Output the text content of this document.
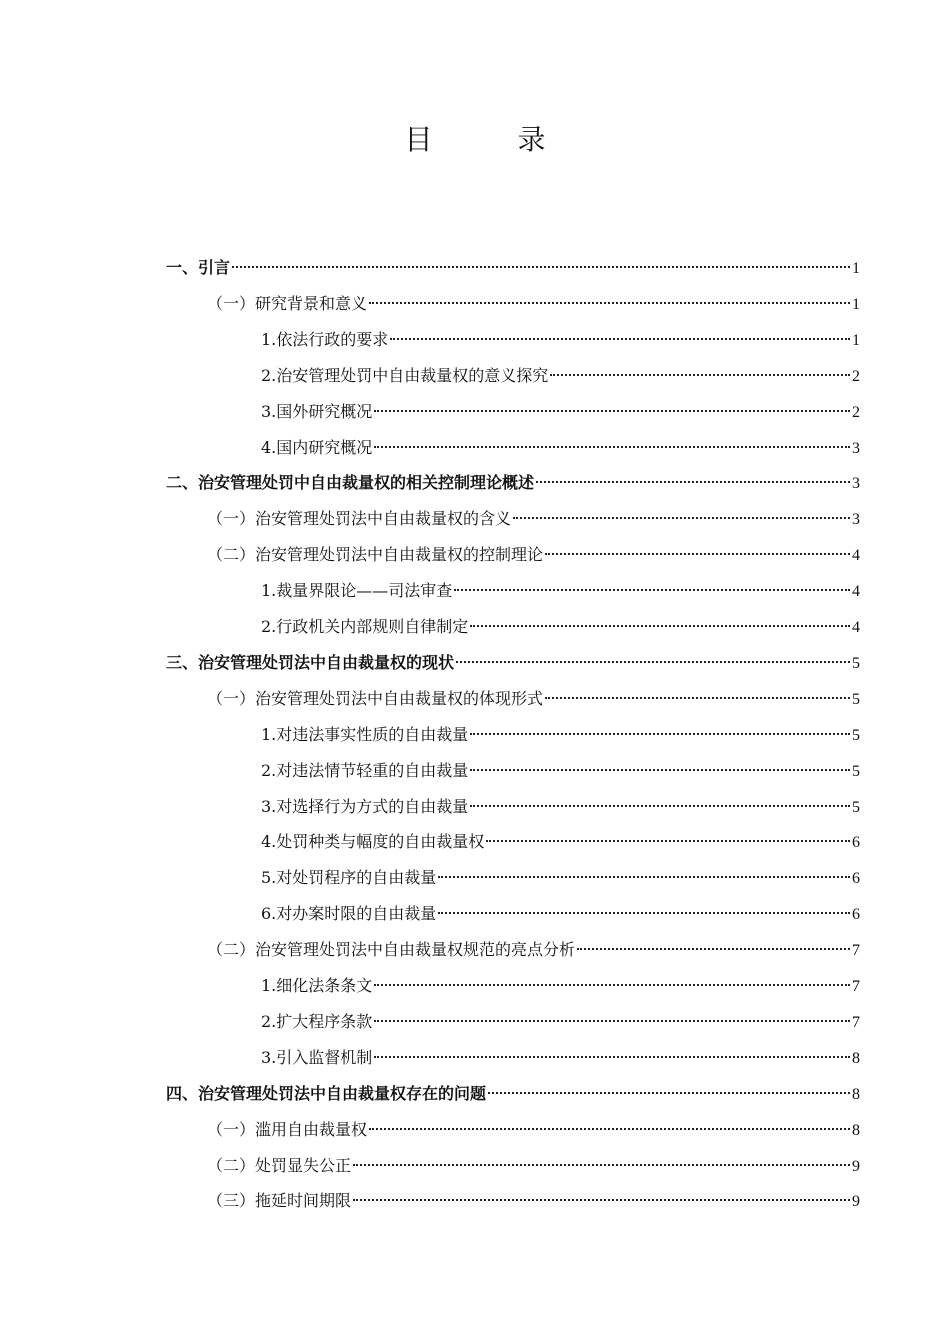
目 录
一、引言	1
（一）研究背景和意义	1
1.依法行政的要求	1
2.治安管理处罚中自由裁量权的意义探究	2
3.国外研究概况	2
4.国内研究概况	3
二、治安管理处罚中自由裁量权的相关控制理论概述	3
（一）治安管理处罚法中自由裁量权的含义	3
（二）治安管理处罚法中自由裁量权的控制理论	4
1.裁量界限论——司法审查	4
2.行政机关内部规则自律制定	4
三、治安管理处罚法中自由裁量权的现状	5
（一）治安管理处罚法中自由裁量权的体现形式	5
1.对违法事实性质的自由裁量	5
2.对违法情节轻重的自由裁量	5
3.对选择行为方式的自由裁量	5
4.处罚种类与幅度的自由裁量权	6
5.对处罚程序的自由裁量	6
6.对办案时限的自由裁量	6
（二）治安管理处罚法中自由裁量权规范的亮点分析	7
1.细化法条条文	7
2.扩大程序条款	7
3.引入监督机制	8
四、治安管理处罚法中自由裁量权存在的问题	8
（一）滥用自由裁量权	8
（二）处罚显失公正	9
（三）拖延时间期限	9
